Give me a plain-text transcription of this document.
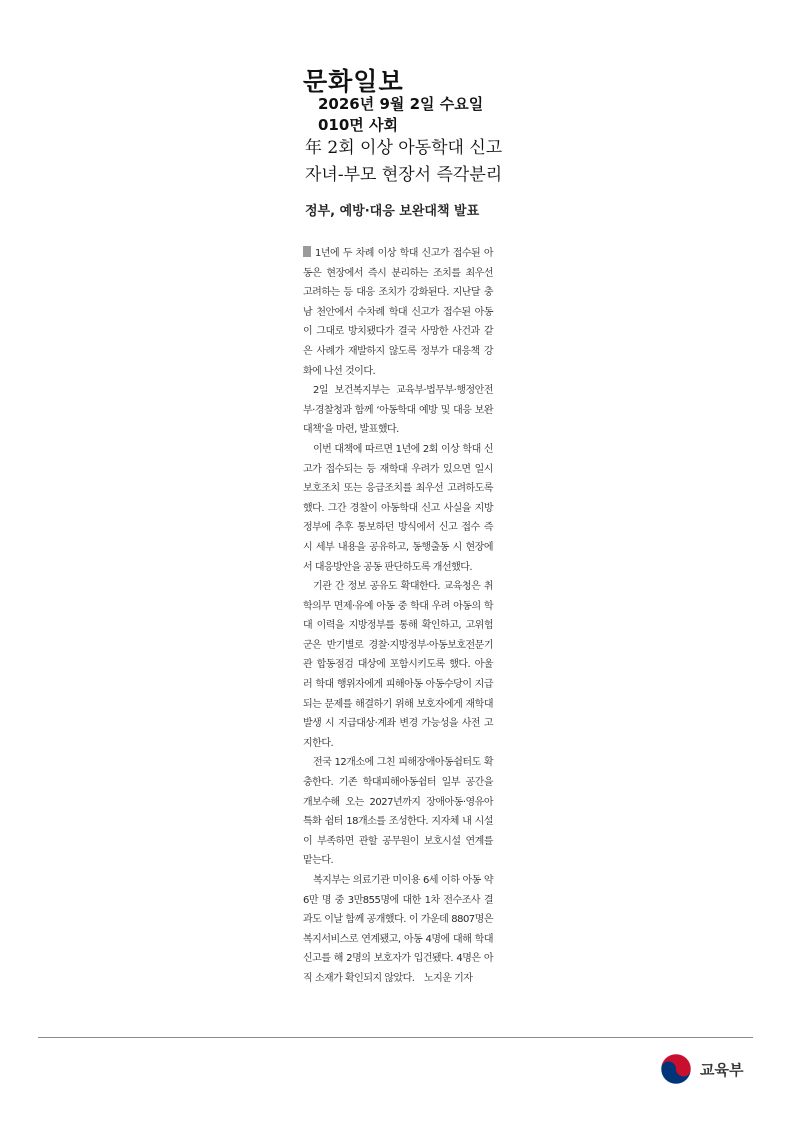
문화일보
2026년 9월 2일 수요일
010면 사회
年 2회 이상 아동학대 신고
자녀-부모 현장서 즉각분리
정부, 예방·대응 보완대책 발표

1년에 두 차례 이상 학대 신고가 접수된 아동은 현장에서 즉시 분리하는 조치를 최우선 고려하는 등 대응 조치가 강화된다. 지난달 충남 천안에서 수차례 학대 신고가 접수된 아동이 그대로 방치됐다가 결국 사망한 사건과 같은 사례가 재발하지 않도록 정부가 대응책 강화에 나선 것이다.

2일 보건복지부는 교육부·법무부·행정안전부·경찰청과 함께 ‘아동학대 예방 및 대응 보완 대책’을 마련, 발표했다.

이번 대책에 따르면 1년에 2회 이상 학대 신고가 접수되는 등 재학대 우려가 있으면 일시보호조치 또는 응급조치를 최우선 고려하도록 했다. 그간 경찰이 아동학대 신고 사실을 지방정부에 추후 통보하던 방식에서 신고 접수 즉시 세부 내용을 공유하고, 동행출동 시 현장에서 대응방안을 공동 판단하도록 개선했다.

기관 간 정보 공유도 확대한다. 교육청은 취학의무 면제·유예 아동 중 학대 우려 아동의 학대 이력을 지방정부를 통해 확인하고, 고위험군은 반기별로 경찰·지방정부·아동보호전문기관 합동점검 대상에 포함시키도록 했다. 아울러 학대 행위자에게 피해아동 아동수당이 지급되는 문제를 해결하기 위해 보호자에게 재학대 발생 시 지급대상·계좌 변경 가능성을 사전 고지한다.

전국 12개소에 그친 피해장애아동쉼터도 확충한다. 기존 학대피해아동쉼터 일부 공간을 개보수해 오는 2027년까지 장애아동·영유아 특화 쉼터 18개소를 조성한다. 지자체 내 시설이 부족하면 관할 공무원이 보호시설 연계를 맡는다.

복지부는 의료기관 미이용 6세 이하 아동 약 6만 명 중 3만855명에 대한 1차 전수조사 결과도 이날 함께 공개했다. 이 가운데 8807명은 복지서비스로 연계됐고, 아동 4명에 대해 학대 신고를 해 2명의 보호자가 입건됐다. 4명은 아직 소재가 확인되지 않았다.　노지운 기자

교육부
